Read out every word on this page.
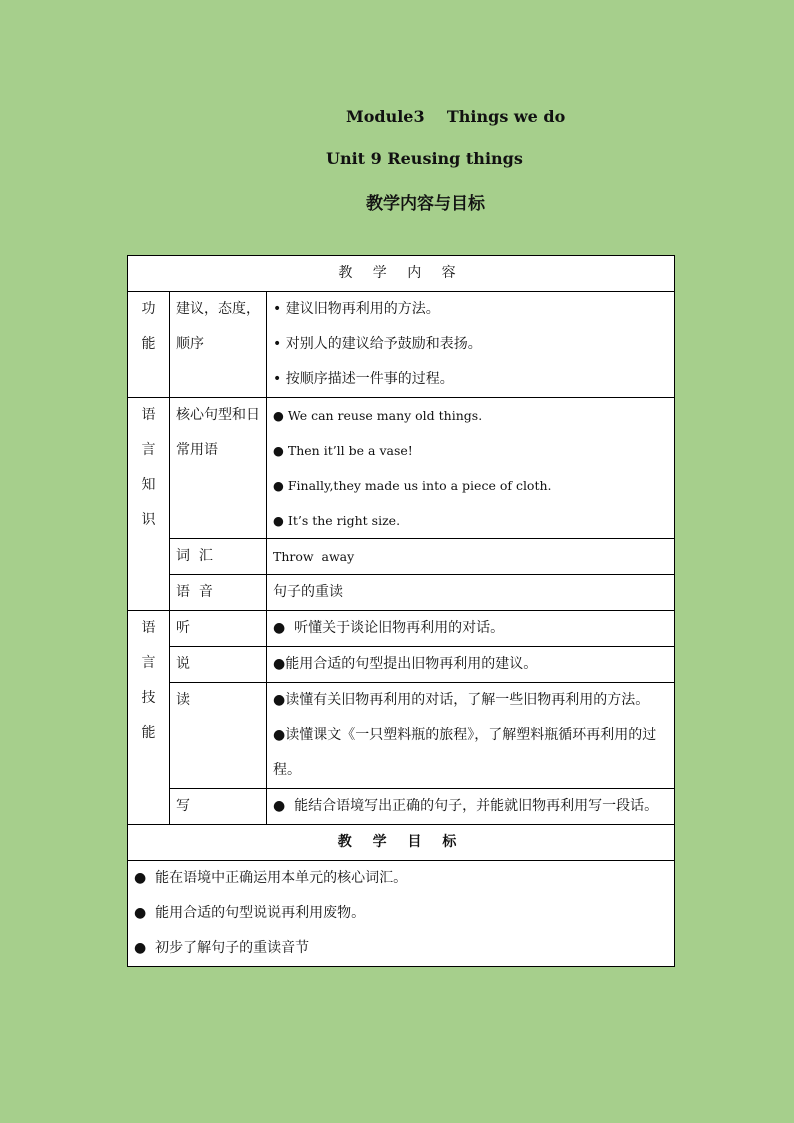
Module3    Things we do
Unit 9 Reusing things
教学内容与目标
教 学 内 容		

功
能	建议，态度，顺序	• 建议旧物再利用的方法。
• 对别人的建议给予鼓励和表扬。
• 按顺序描述一件事的过程。

语
言
知
识	核心句型和日常用语	● We can reuse many old things.
● Then it’ll be a vase!
● Finally,they made us into a piece of cloth.
● It’s the right size.

	词  汇	Throw  away
	语  音	句子的重读

语
言
技
能	听	●  听懂关于谈论旧物再利用的对话。
	说	●能用合适的句型提出旧物再利用的建议。
	读	●读懂有关旧物再利用的对话，了解一些旧物再利用的方法。
●读懂课文《一只塑料瓶的旅程》，了解塑料瓶循环再利用的过程。

	写	●  能结合语境写出正确的句子，并能就旧物再利用写一段话。
教 学 目 标		

●  能在语境中正确运用本单元的核心词汇。
●  能用合适的句型说说再利用废物。
●  初步了解句子的重读音节		
